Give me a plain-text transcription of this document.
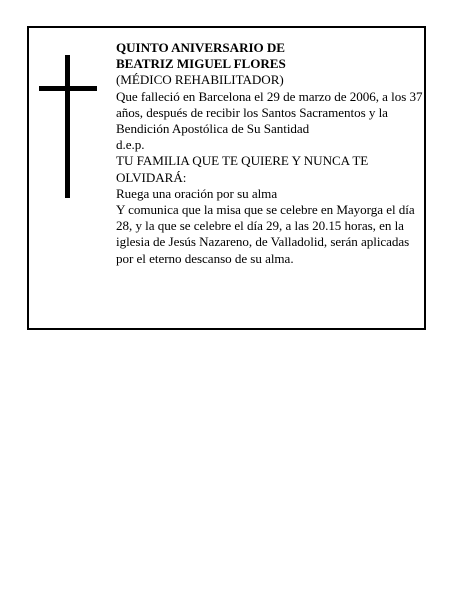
QUINTO ANIVERSARIO DE
BEATRIZ MIGUEL FLORES
(MÉDICO REHABILITADOR)
Que falleció en Barcelona el 29 de marzo de 2006, a los 37 años, después de recibir los Santos Sacramentos y la Bendición Apostólica de Su Santidad
d.e.p.
TU FAMILIA QUE TE QUIERE Y NUNCA TE OLVIDARÁ:
Ruega una oración por su alma
Y comunica que la misa que se celebre en Mayorga el día 28, y la que se celebre el día 29, a las 20.15 horas, en la iglesia de Jesús Nazareno, de Valladolid, serán aplicadas por el eterno descanso de su alma.
